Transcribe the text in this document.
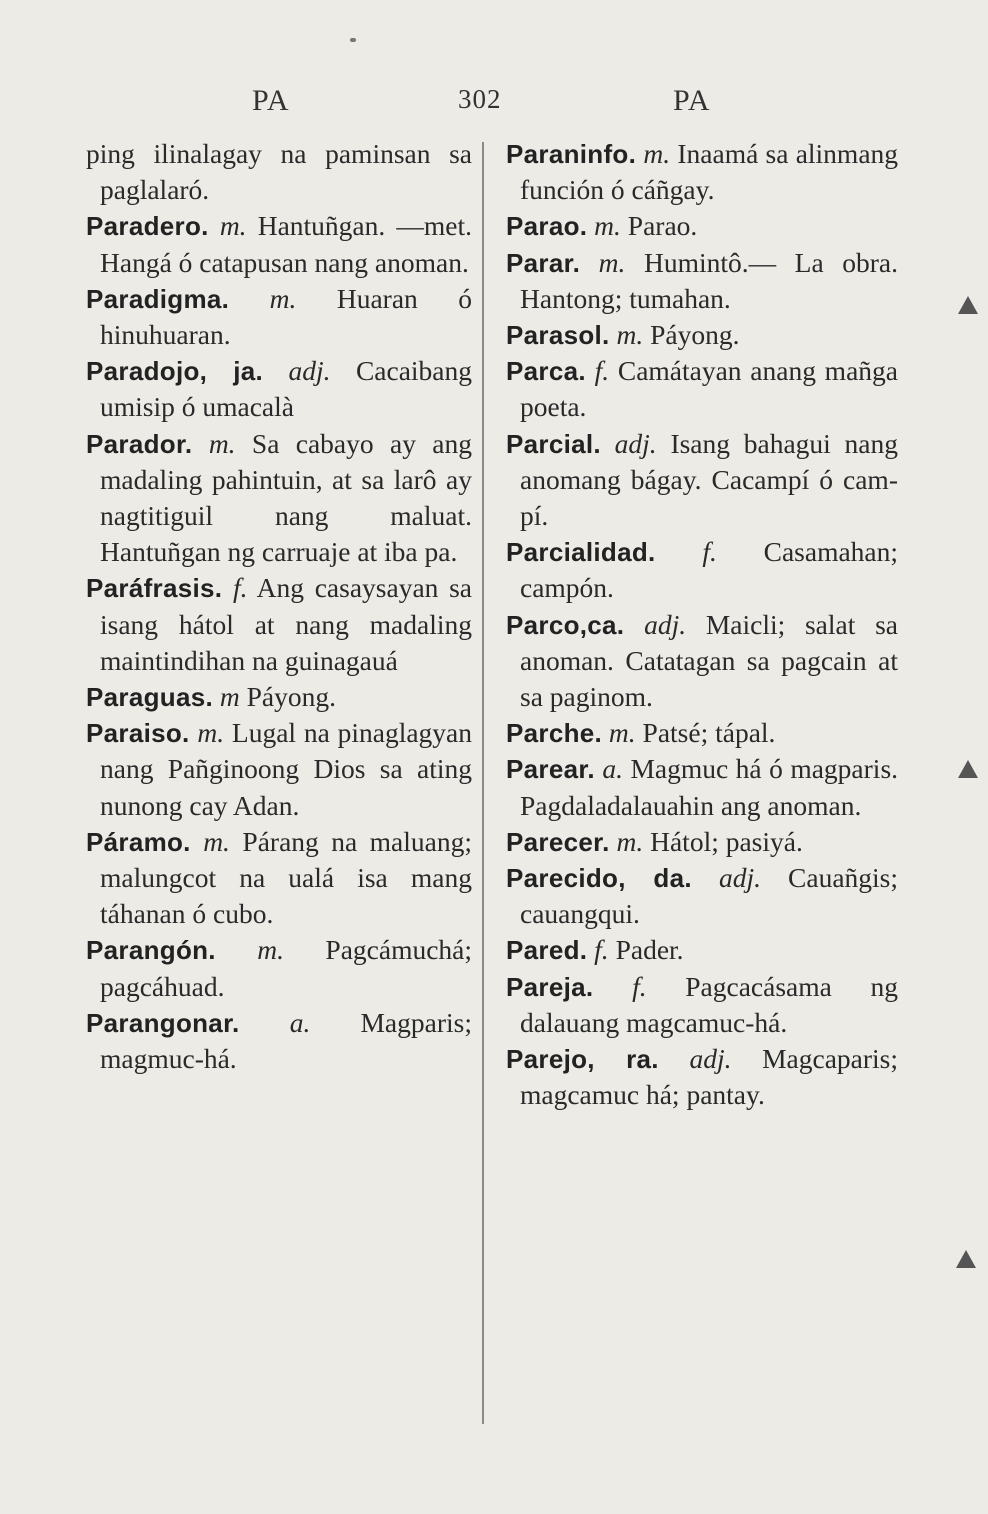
PA	302	PA

ping ilinalagay na paminsan sa paglalaró.

Paradero. m. Hantuñgan. —met. Hangá ó catapusan nang anoman.

Paradigma. m. Huaran ó hinuhuaran.

Paradojo, ja. adj. Cacaibang umisip ó umacalà

Parador. m. Sa cabayo ay ang madaling pahintuin, at sa larô ay nagtitiguil nang maluat. Hantuñgan ng carruaje at iba pa.

Paráfrasis. f. Ang casaysayan sa isang hátol at nang madaling maintindihan na guinagauá

Paraguas. m Páyong.

Paraiso. m. Lugal na pinaglagyan nang Pañginoong Dios sa ating nunong cay Adan.

Páramo. m. Párang na maluang; malungcot na ualá isa mang táhanan ó cubo.

Parangón. m. Pagcámuchá; pagcáhuad.

Parangonar. a. Magparis; magmuc-há.

Paraninfo. m. Inaamá sa alinmang función ó cáñgay.

Parao. m. Parao.

Parar. m. Humintô.— La obra. Hantong; tumahan.

Parasol. m. Páyong.

Parca. f. Camátayan anang mañga poeta.

Parcial. adj. Isang bahagui nang anomang bágay. Cacampí ó campí.

Parcialidad. f. Casamahan; campón.

Parco,ca. adj. Maicli; salat sa anoman. Catatagan sa pagcain at sa paginom.

Parche. m. Patsé; tápal.

Parear. a. Magmuc há ó magparis. Pagdaladalauahin ang anoman.

Parecer. m. Hátol; pasiyá.

Parecido, da. adj. Cauañgis; cauangqui.

Pared. f. Pader.

Pareja. f. Pagcacásama ng dalauang magcamuc-há.

Parejo, ra. adj. Magcaparis; magcamuc há; pantay.
